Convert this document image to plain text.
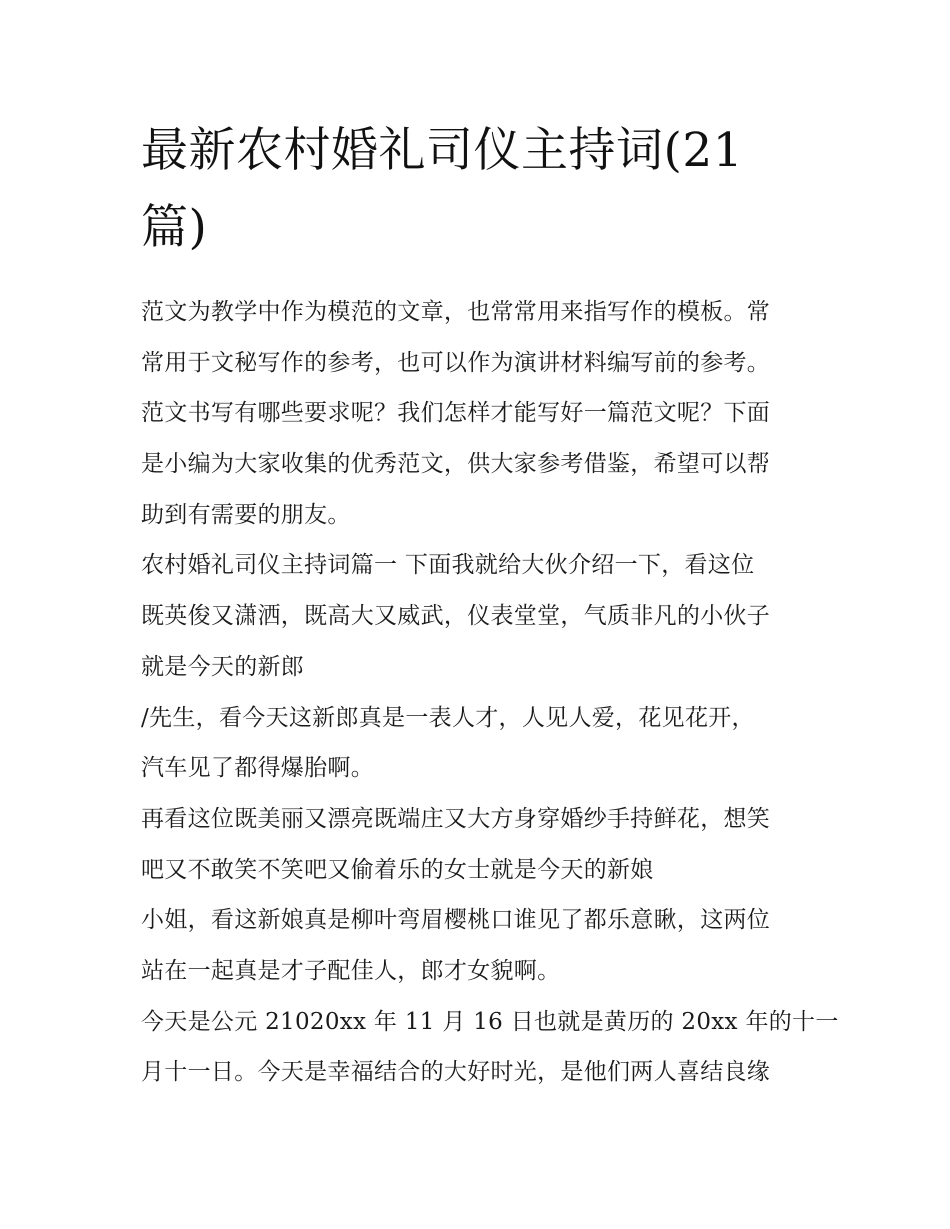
最新农村婚礼司仪主持词(21
篇)
范文为教学中作为模范的文章，也常常用来指写作的模板。常
常用于文秘写作的参考，也可以作为演讲材料编写前的参考。
范文书写有哪些要求呢？我们怎样才能写好一篇范文呢？下面
是小编为大家收集的优秀范文，供大家参考借鉴，希望可以帮
助到有需要的朋友。
农村婚礼司仪主持词篇一 下面我就给大伙介绍一下，看这位
既英俊又潇洒，既高大又威武，仪表堂堂，气质非凡的小伙子
就是今天的新郎
/先生，看今天这新郎真是一表人才，人见人爱，花见花开，
汽车见了都得爆胎啊。
再看这位既美丽又漂亮既端庄又大方身穿婚纱手持鲜花，想笑
吧又不敢笑不笑吧又偷着乐的女士就是今天的新娘
小姐，看这新娘真是柳叶弯眉樱桃口谁见了都乐意瞅，这两位
站在一起真是才子配佳人，郎才女貌啊。
今天是公元 21020xx 年 11 月 16 日也就是黄历的 20xx 年的十一
月十一日。今天是幸福结合的大好时光，是他们两人喜结良缘
